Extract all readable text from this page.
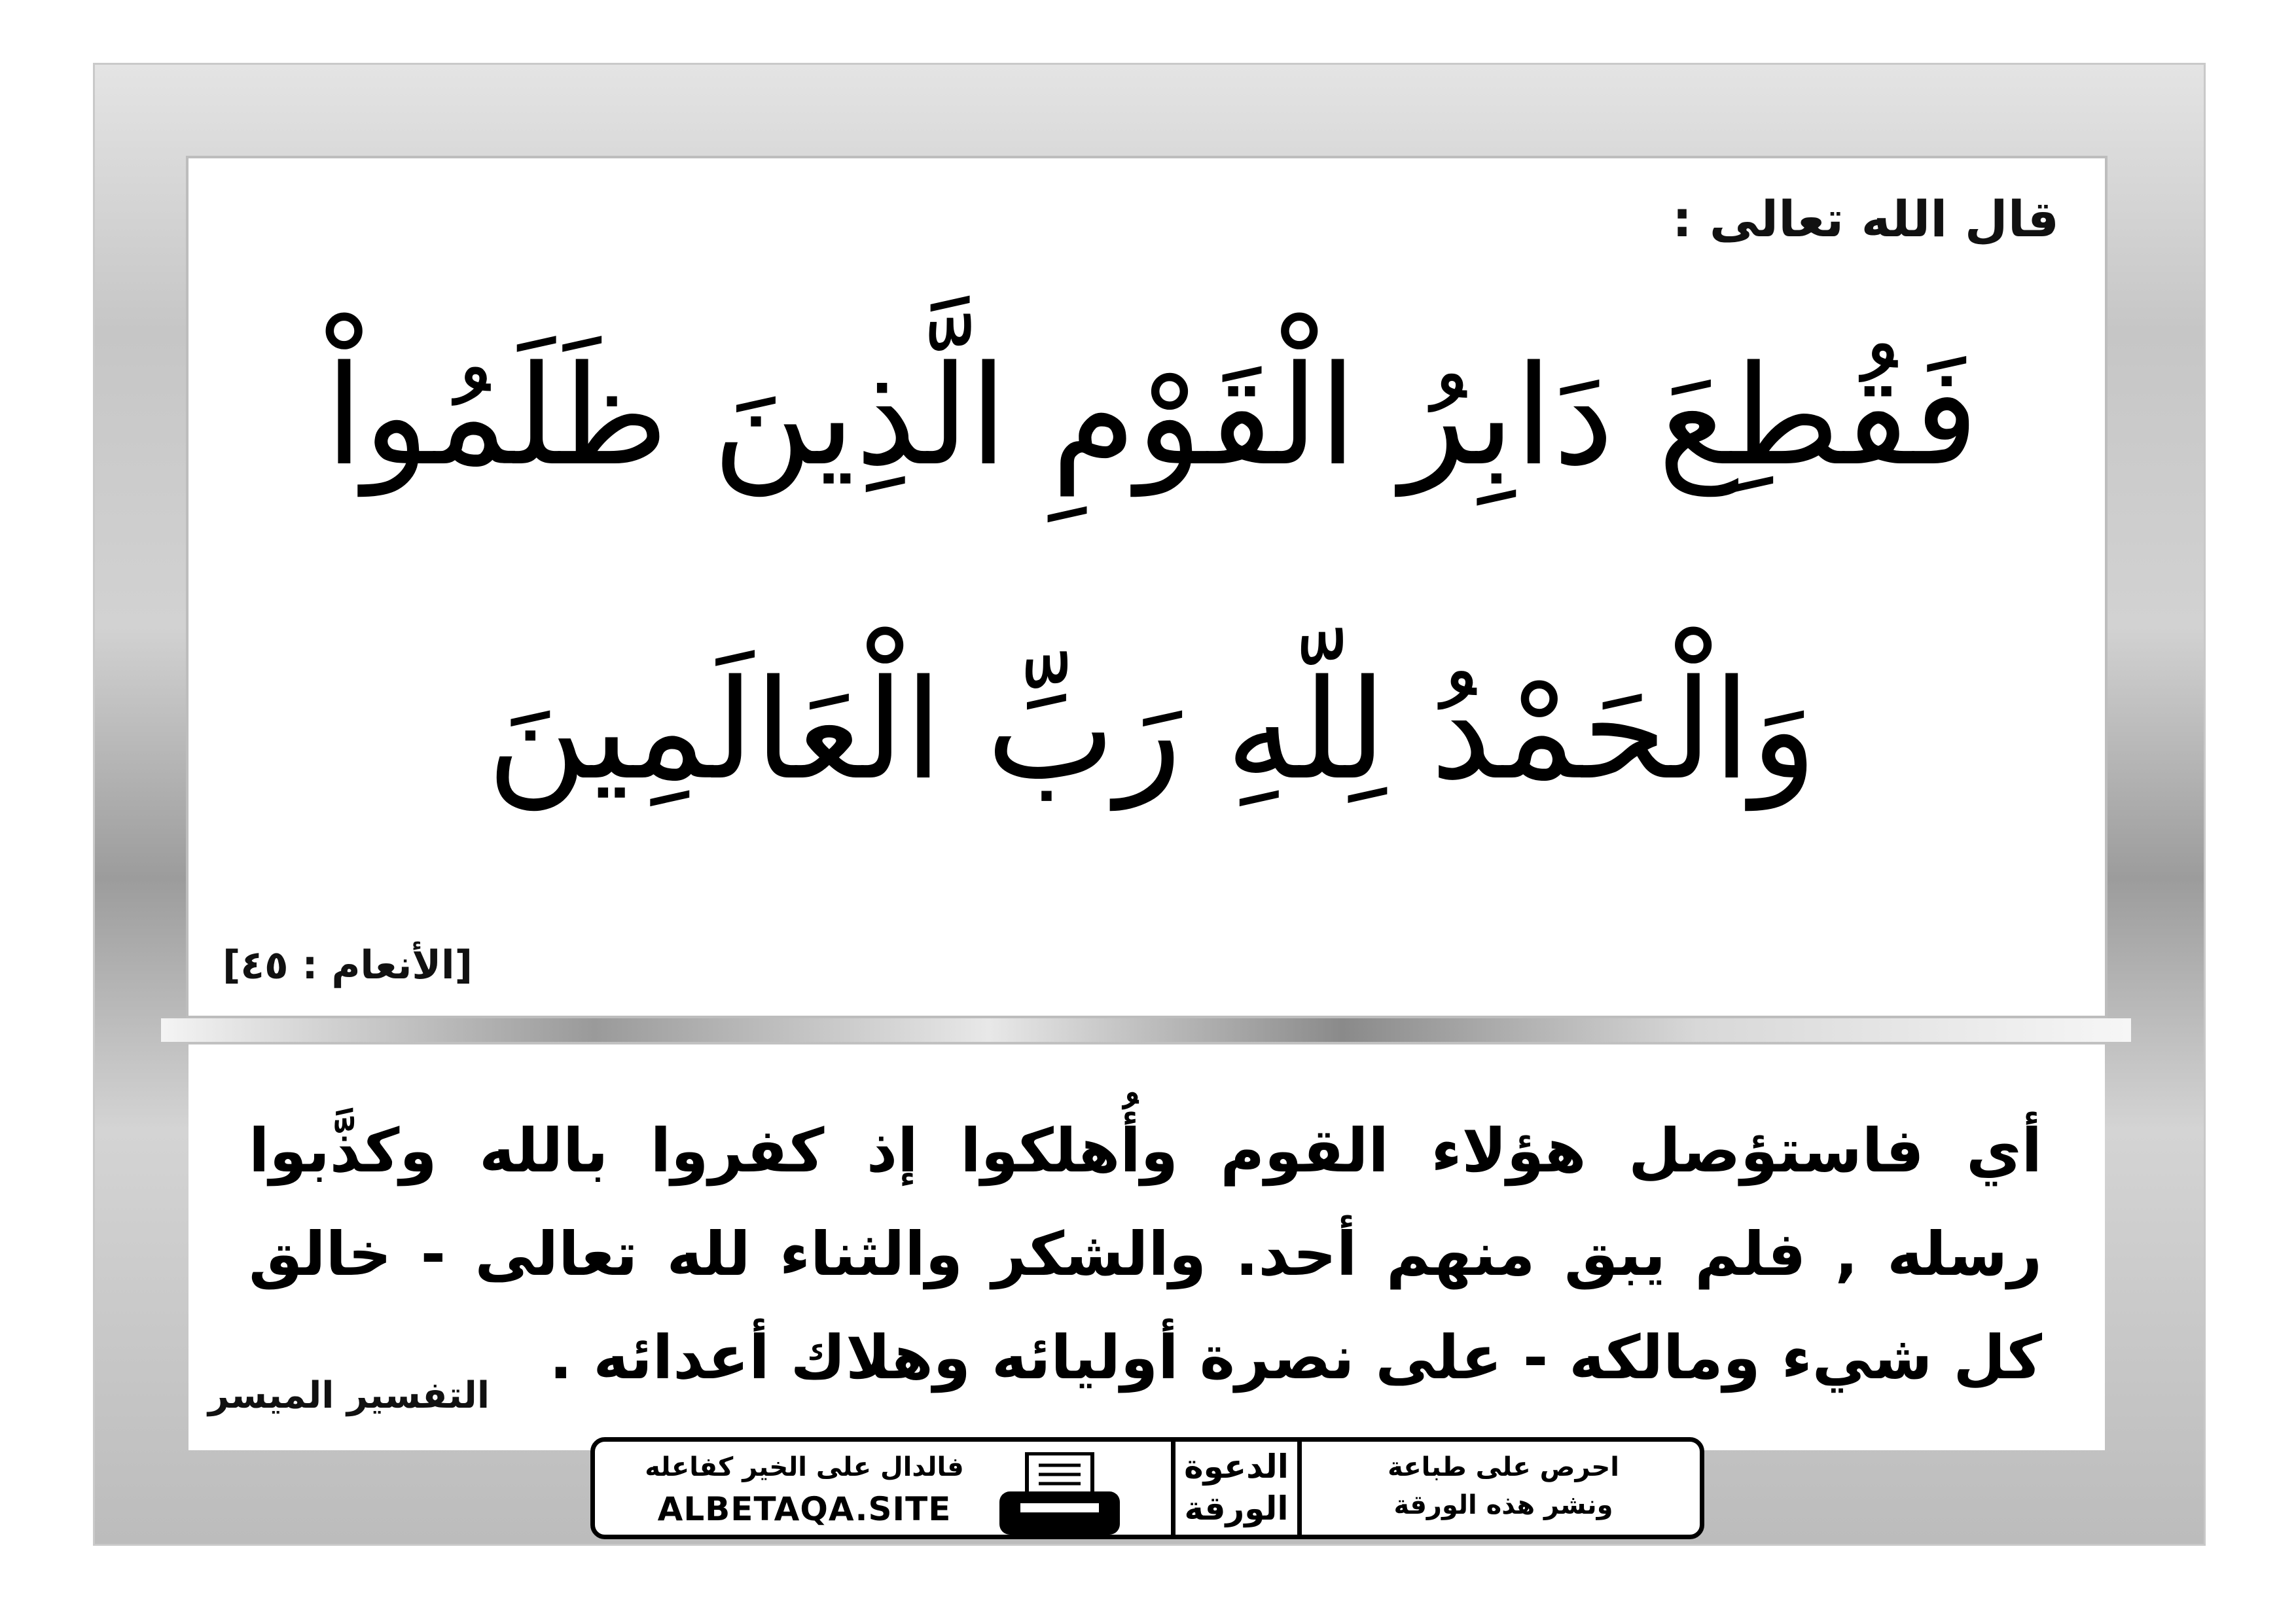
قال الله تعالى :
فَقُطِعَ دَابِرُ الْقَوْمِ الَّذِينَ ظَلَمُواْ
وَالْحَمْدُ لِلّهِ رَبِّ الْعَالَمِينَ
[الأنعام : ٤٥]
أي فاستؤصل هؤلاء القوم وأُهلكوا إذ كفروا بالله وكذَّبوا رسله , فلم يبق منهم أحد. والشكر والثناء لله تعالى - خالق كل شيء ومالكه - على نصرة أوليائه وهلاك أعدائه .
التفسير الميسر
فالدال على الخير كفاعله
ALBETAQA.SITE
الدعوة
الورقة
احرص على طباعة
ونشر هذه الورقة
